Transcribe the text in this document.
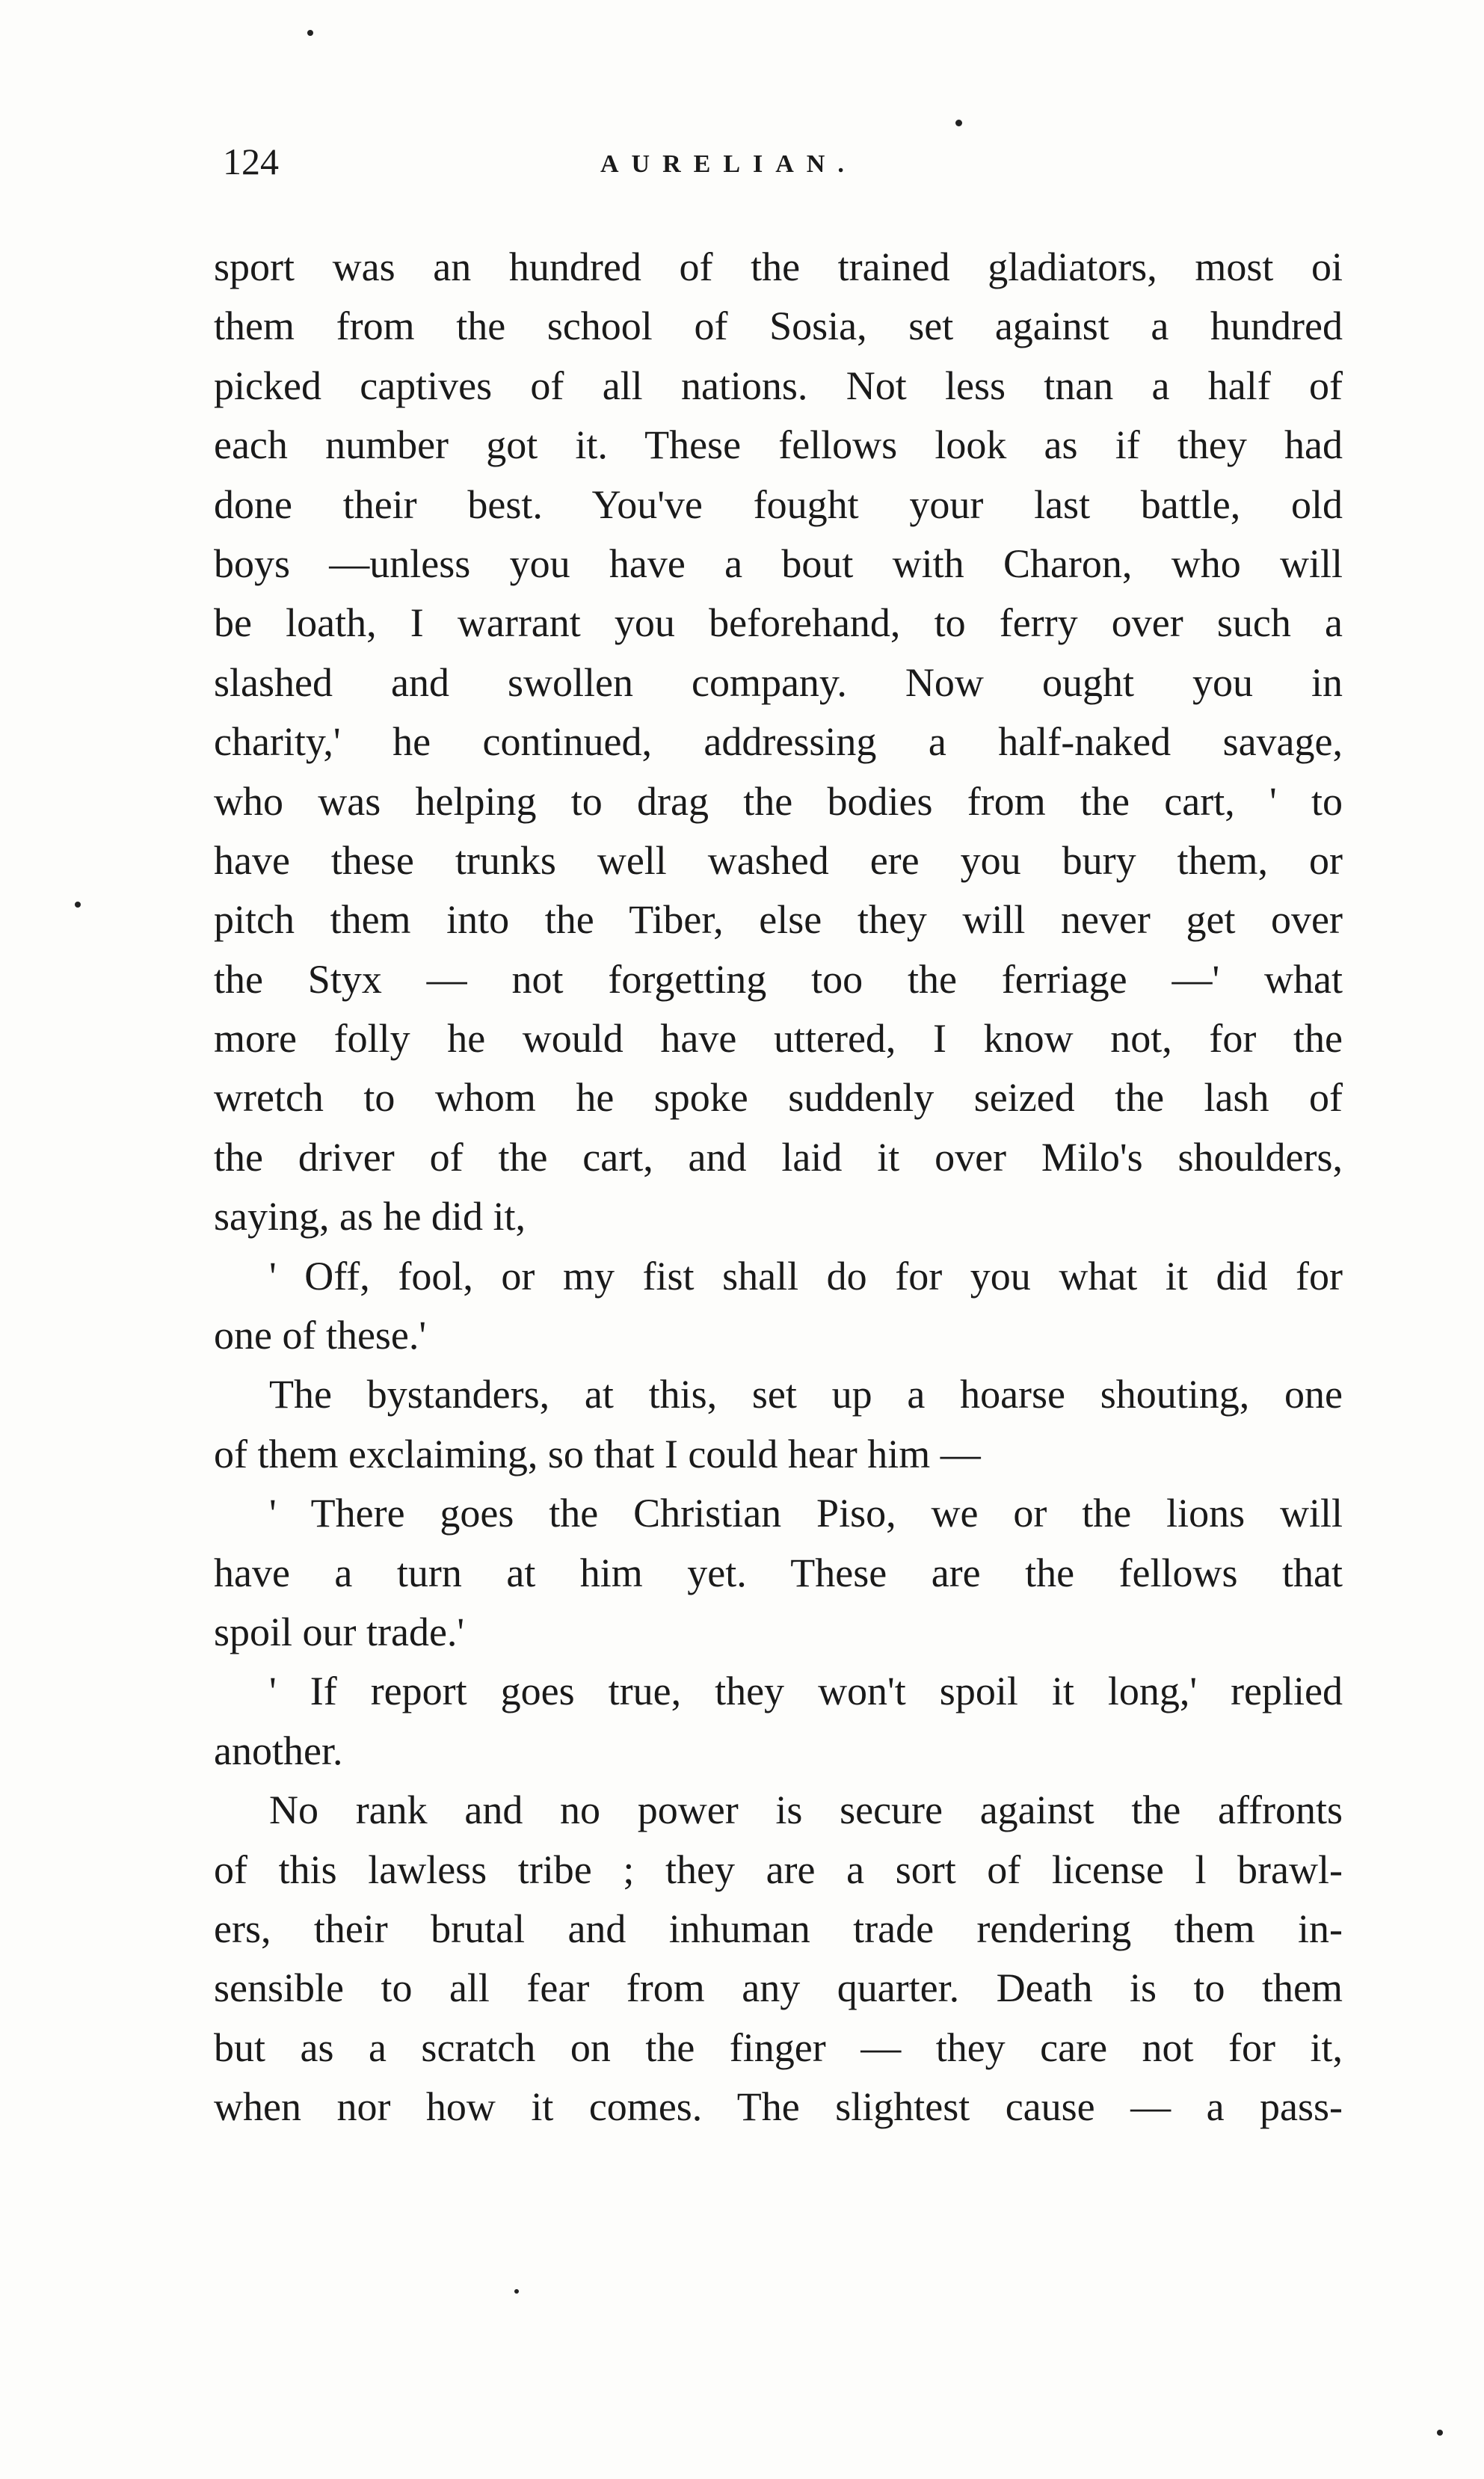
124	AURELIAN.
sport was an hundred of the trained gladiators, most oi
them from the school of Sosia, set against a hundred
picked captives of all nations. Not less tnan a half of
each number got it. These fellows look as if they had
done their best. You've fought your last battle, old
boys —unless you have a bout with Charon, who will
be loath, I warrant you beforehand, to ferry over such a
slashed and swollen company. Now ought you in
charity,' he continued, addressing a half-naked savage,
who was helping to drag the bodies from the cart, ' to
have these trunks well washed ere you bury them, or
pitch them into the Tiber, else they will never get over
the Styx — not forgetting too the ferriage —' what
more folly he would have uttered, I know not, for the
wretch to whom he spoke suddenly seized the lash of
the driver of the cart, and laid it over Milo's shoulders,
saying, as he did it,
' Off, fool, or my fist shall do for you what it did for
one of these.'
The bystanders, at this, set up a hoarse shouting, one
of them exclaiming, so that I could hear him —
' There goes the Christian Piso, we or the lions will
have a turn at him yet. These are the fellows that
spoil our trade.'
' If report goes true, they won't spoil it long,' replied
another.
No rank and no power is secure against the affronts
of this lawless tribe ; they are a sort of license l brawl-
ers, their brutal and inhuman trade rendering them in-
sensible to all fear from any quarter. Death is to them
but as a scratch on the finger — they care not for it,
when nor how it comes. The slightest cause — a pass-
